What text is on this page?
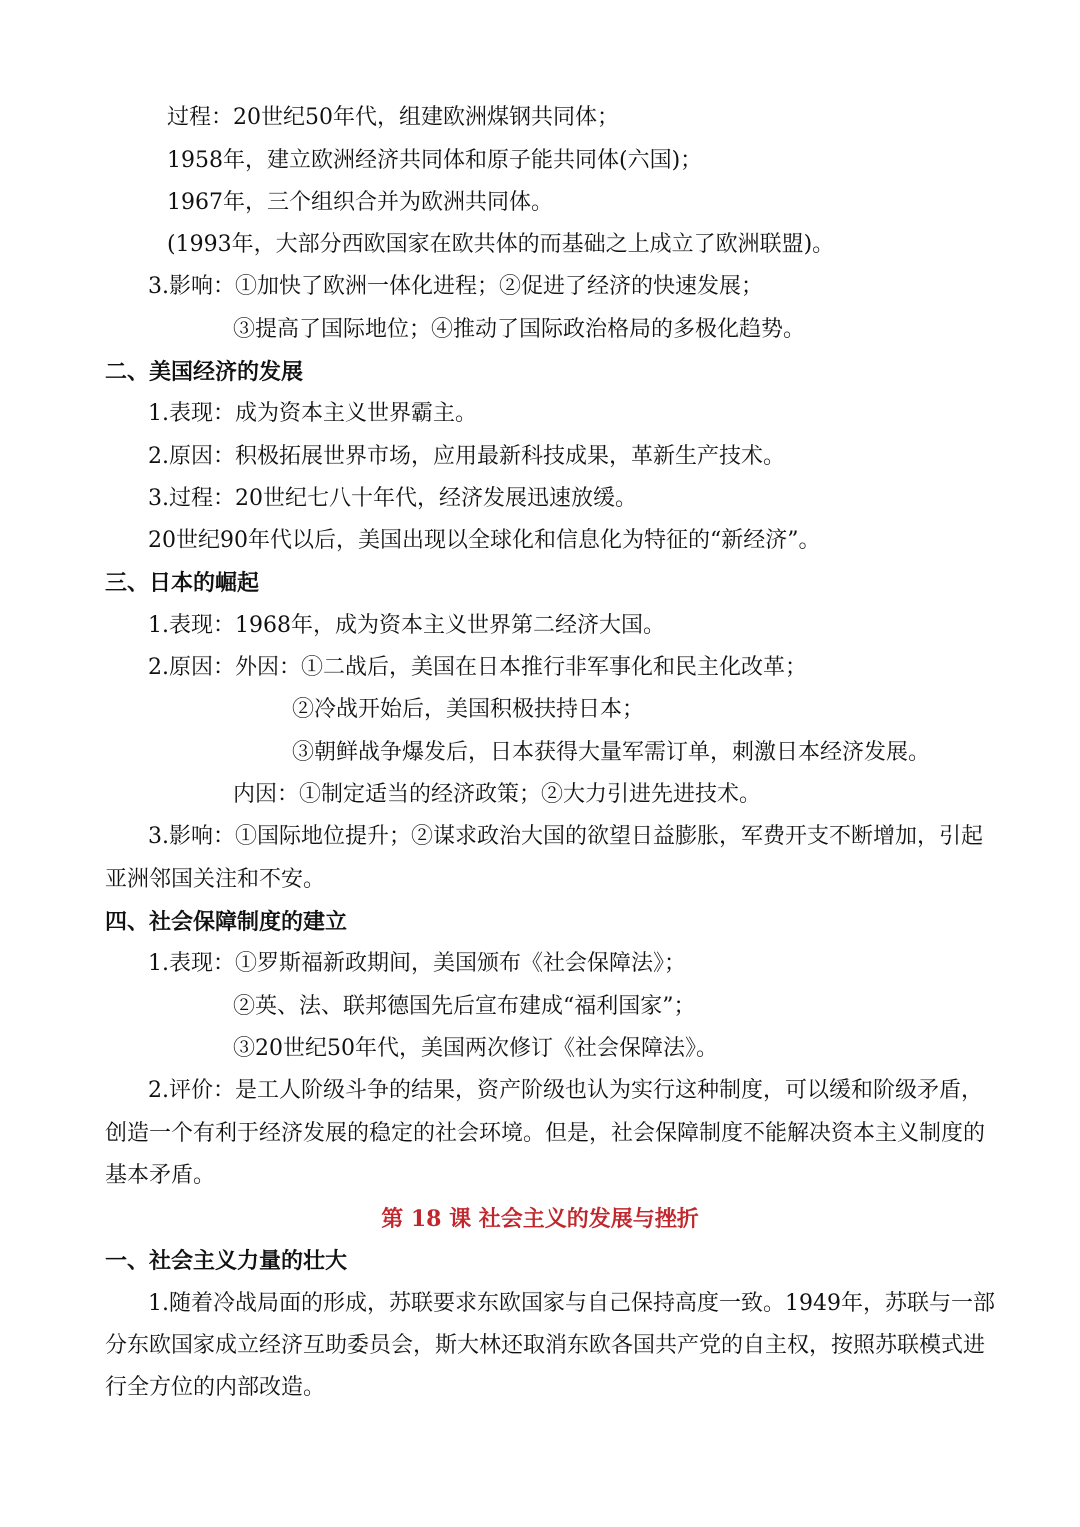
过程：20世纪50年代，组建欧洲煤钢共同体；
1958年，建立欧洲经济共同体和原子能共同体(六国)；
1967年，三个组织合并为欧洲共同体。
(1993年，大部分西欧国家在欧共体的而基础之上成立了欧洲联盟)。
3.影响：①加快了欧洲一体化进程；②促进了经济的快速发展；
③提高了国际地位；④推动了国际政治格局的多极化趋势。
二、美国经济的发展
1.表现：成为资本主义世界霸主。
2.原因：积极拓展世界市场，应用最新科技成果，革新生产技术。
3.过程：20世纪七八十年代，经济发展迅速放缓。
20世纪90年代以后，美国出现以全球化和信息化为特征的“新经济”。
三、日本的崛起
1.表现：1968年，成为资本主义世界第二经济大国。
2.原因：外因：①二战后，美国在日本推行非军事化和民主化改革；
②冷战开始后，美国积极扶持日本；
③朝鲜战争爆发后，日本获得大量军需订单，刺激日本经济发展。
内因：①制定适当的经济政策；②大力引进先进技术。
3.影响：①国际地位提升；②谋求政治大国的欲望日益膨胀，军费开支不断增加，引起
亚洲邻国关注和不安。
四、社会保障制度的建立
1.表现：①罗斯福新政期间，美国颁布《社会保障法》；
②英、法、联邦德国先后宣布建成“福利国家”；
③20世纪50年代，美国两次修订《社会保障法》。
2.评价：是工人阶级斗争的结果，资产阶级也认为实行这种制度，可以缓和阶级矛盾，
创造一个有利于经济发展的稳定的社会环境。但是，社会保障制度不能解决资本主义制度的
基本矛盾。
第 18 课 社会主义的发展与挫折
一、社会主义力量的壮大
1.随着冷战局面的形成，苏联要求东欧国家与自己保持高度一致。1949年，苏联与一部
分东欧国家成立经济互助委员会，斯大林还取消东欧各国共产党的自主权，按照苏联模式进
行全方位的内部改造。
